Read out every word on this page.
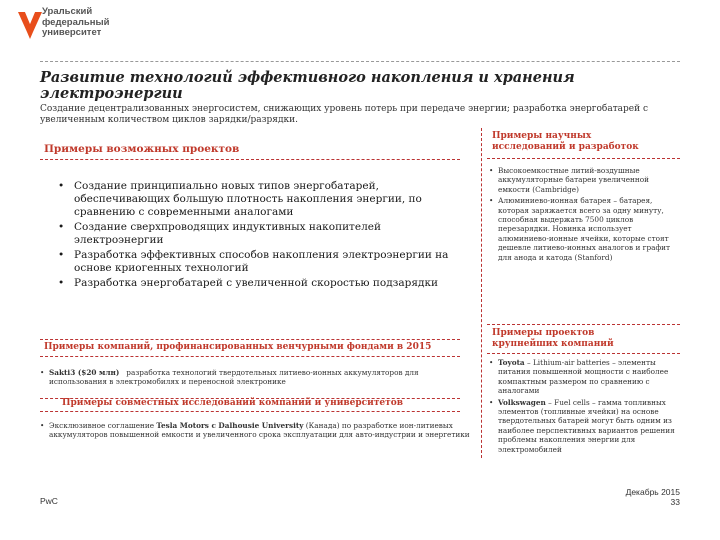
Уральский
федеральный
университет
Развитие технологий эффективного накопления и хранения электроэнергии
Создание децентрализованных энергосистем, снижающих уровень потерь при передаче энергии; разработка энергобатарей с увеличенным количеством циклов зарядки/разрядки.
Примеры возможных проектов
• Создание принципиально новых типов энергобатарей, обеспечивающих большую плотность накопления энергии, по сравнению с современными аналогами
• Создание сверхпроводящих индуктивных накопителей электроэнергии
• Разработка эффективных способов накопления электроэнергии на основе криогенных технологий
• Разработка энергобатарей с увеличенной скоростью подзарядки
Примеры компаний, профинансированных венчурными фондами в 2015
• Sakti3 ($20 млн) разработка технологий твердотельных литиево-ионных аккумуляторов для использования в электромобилях и переносной электронике
Примеры совместных исследований компаний и университетов
• Эксклюзивное соглашение Tesla Motors с Dalhousie University (Канада) по разработке ион-литиевых аккумуляторов повышенной емкости и увеличенного срока эксплуатации для авто-индустрии и энергетики
Примеры научных исследований и разработок
• Высокоемкостные литий-воздушные аккумуляторные батареи увеличенной емкости (Cambridge)
• Алюминиево-ионная батарея – батарея, которая заряжается всего за одну минуту, способная выдержать 7500 циклов перезарядки. Новинка использует алюминиево-ионные ячейки, которые стоят дешевле литиево-ионных аналогов и графит для анода и катода (Stanford)
Примеры проектов крупнейших компаний
• Toyota – Lithium-air batteries – элементы питания повышенной мощности с наиболее компактным размером по сравнению с аналогами
• Volkswagen – Fuel cells – гамма топливных элементов (топливные ячейки) на основе твердотельных батарей могут быть одним из наиболее перспективных вариантов решения проблемы накопления энергии для электромобилей
PwC
Декабрь 2015
33
